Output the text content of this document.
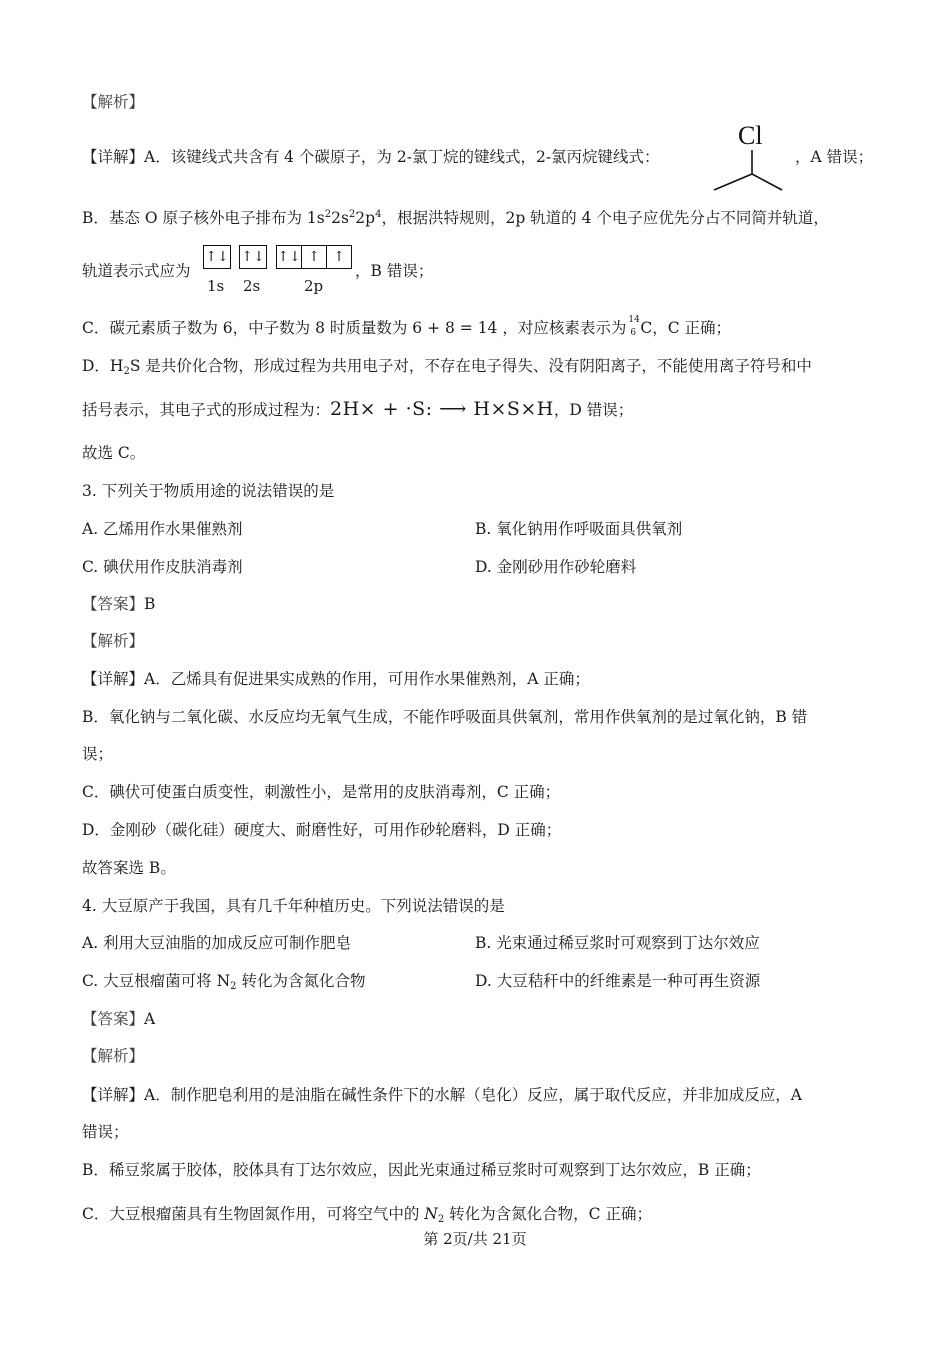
【解析】
【详解】A．该键线式共含有 4 个碳原子，为 2-氯丁烷的键线式，2-氯丙烷键线式：
Cl
，A 错误；
B．基态 O 原子核外电子排布为 $1s^22s^22p^4$，根据洪特规则，2p 轨道的 4 个电子应优先分占不同简并轨道，
轨道表示式应为
↑↓ ↑↓ ↑↓ ↑ ↑
1s 2s	2p
，B 错误；
C．碳元素质子数为 6，中子数为 8 时质量数为 6 + 8 = 14 ，对应核素表示为 14
6 C，C 正确；
D．$H_2S$ 是共价化合物，形成过程为共用电子对，不存在电子得失、没有阴阳离子，不能使用离子符号和中
括号表示，其电子式的形成过程为：2H× + ·S: ⟶ H×S×H，D 错误；
故选 C。
3. 下列关于物质用途的说法错误的是
A. 乙烯用作水果催熟剂	B. 氧化钠用作呼吸面具供氧剂
C. 碘伏用作皮肤消毒剂	D. 金刚砂用作砂轮磨料
【答案】B
【解析】
【详解】A．乙烯具有促进果实成熟的作用，可用作水果催熟剂，A 正确；
B．氧化钠与二氧化碳、水反应均无氧气生成，不能作呼吸面具供氧剂，常用作供氧剂的是过氧化钠，B 错
误；
C．碘伏可使蛋白质变性，刺激性小，是常用的皮肤消毒剂，C 正确；
D．金刚砂（碳化硅）硬度大、耐磨性好，可用作砂轮磨料，D 正确；
故答案选 B。
4. 大豆原产于我国，具有几千年种植历史。下列说法错误的是
A. 利用大豆油脂的加成反应可制作肥皂	B. 光束通过稀豆浆时可观察到丁达尔效应
C. 大豆根瘤菌可将 $N_2$ 转化为含氮化合物	D. 大豆秸秆中的纤维素是一种可再生资源
【答案】A
【解析】
【详解】A．制作肥皂利用的是油脂在碱性条件下的水解（皂化）反应，属于取代反应，并非加成反应，A
错误；
B．稀豆浆属于胶体，胶体具有丁达尔效应，因此光束通过稀豆浆时可观察到丁达尔效应，B 正确；
C．大豆根瘤菌具有生物固氮作用，可将空气中的 $N_2$ 转化为含氮化合物，C 正确；
第 2页/共 21页
